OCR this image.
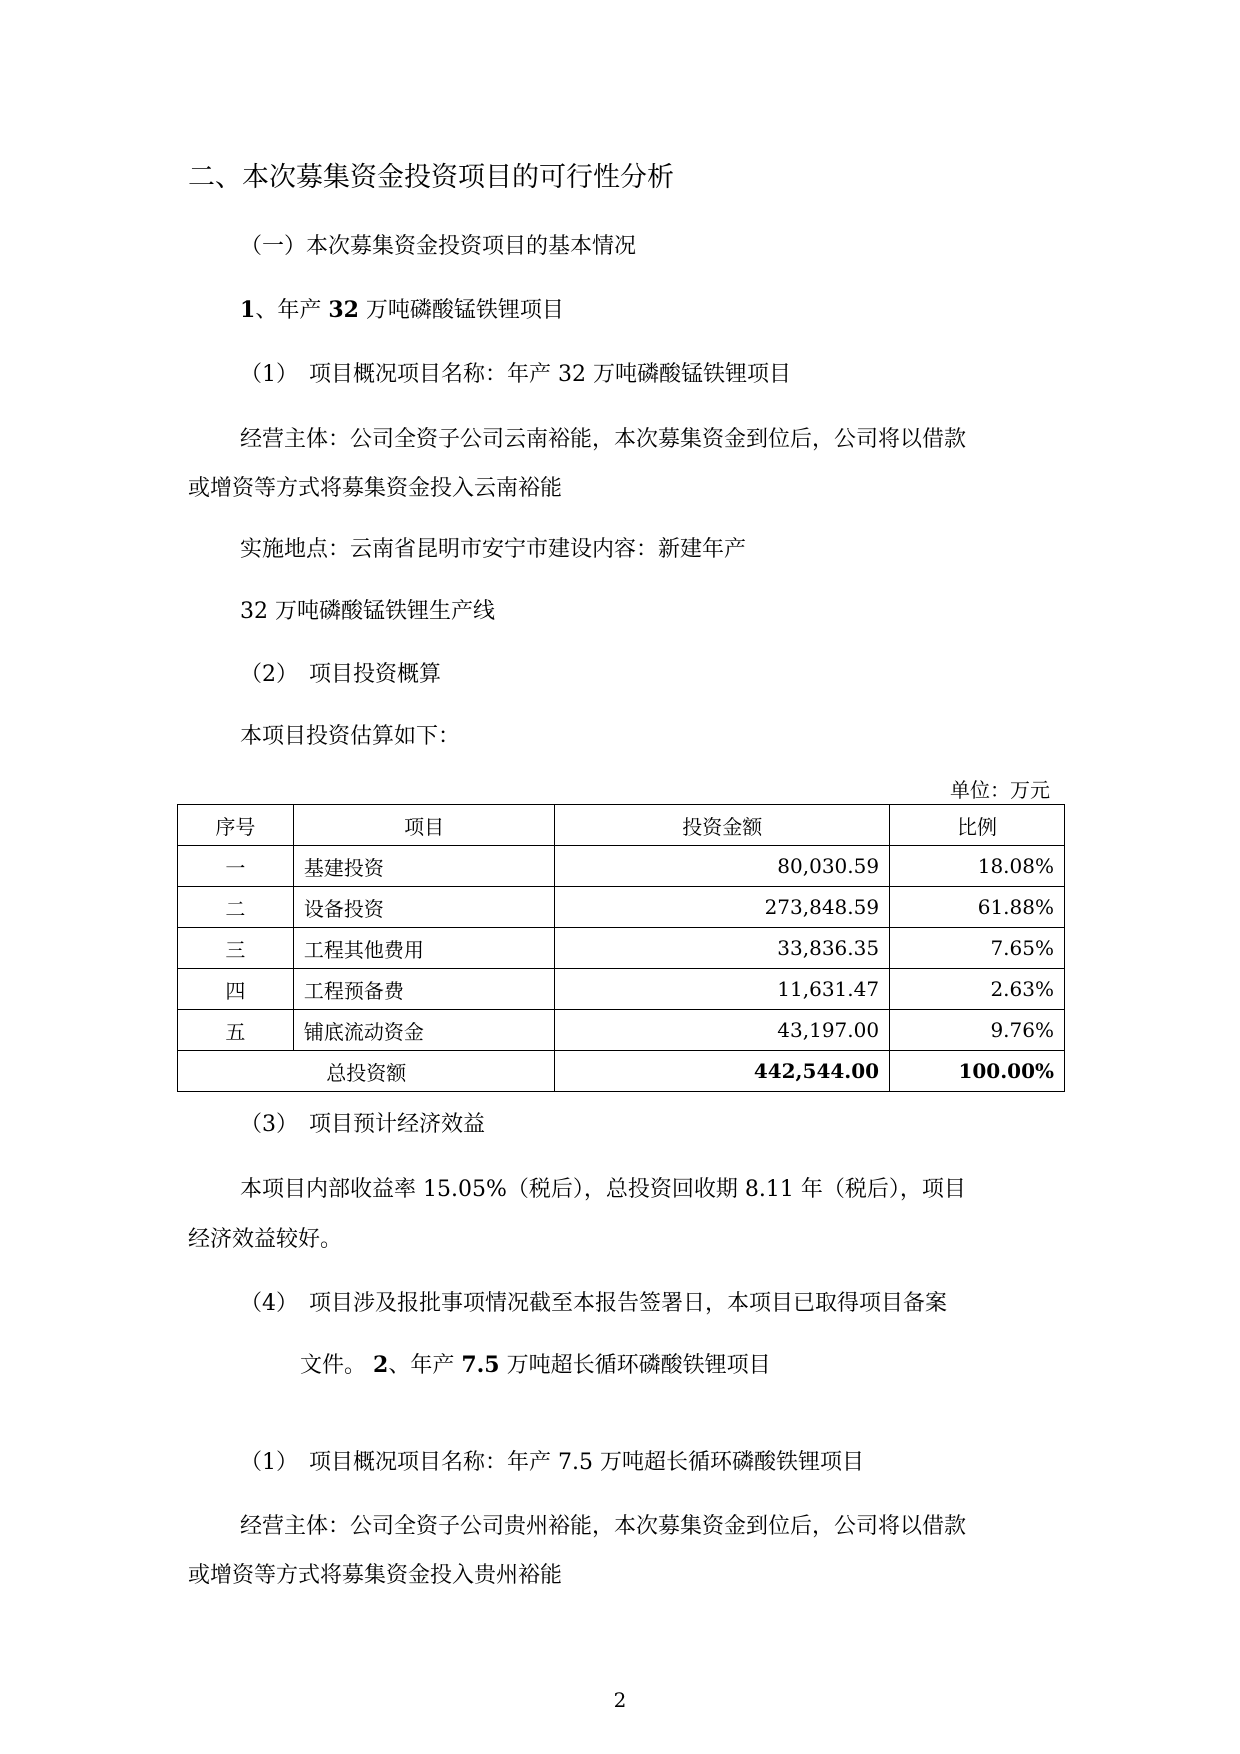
二、本次募集资金投资项目的可行性分析
（一）本次募集资金投资项目的基本情况
1、年产 32 万吨磷酸锰铁锂项目
（1）　项目概况项目名称：年产 32 万吨磷酸锰铁锂项目
经营主体：公司全资子公司云南裕能，本次募集资金到位后，公司将以借款
或增资等方式将募集资金投入云南裕能
实施地点：云南省昆明市安宁市建设内容：新建年产
32 万吨磷酸锰铁锂生产线
（2）　项目投资概算
本项目投资估算如下：
单位：万元
序号	项目	投资金额	比例
一	基建投资	80,030.59	18.08%
二	设备投资	273,848.59	61.88%
三	工程其他费用	33,836.35	7.65%
四	工程预备费	11,631.47	2.63%
五	铺底流动资金	43,197.00	9.76%
总投资额		442,544.00	100.00%
（3）　项目预计经济效益
本项目内部收益率 15.05%（税后），总投资回收期 8.11 年（税后），项目
经济效益较好。
（4）　项目涉及报批事项情况截至本报告签署日，本项目已取得项目备案
文件。 2、年产 7.5 万吨超长循环磷酸铁锂项目
（1）　项目概况项目名称：年产 7.5 万吨超长循环磷酸铁锂项目
经营主体：公司全资子公司贵州裕能，本次募集资金到位后，公司将以借款
或增资等方式将募集资金投入贵州裕能
2
